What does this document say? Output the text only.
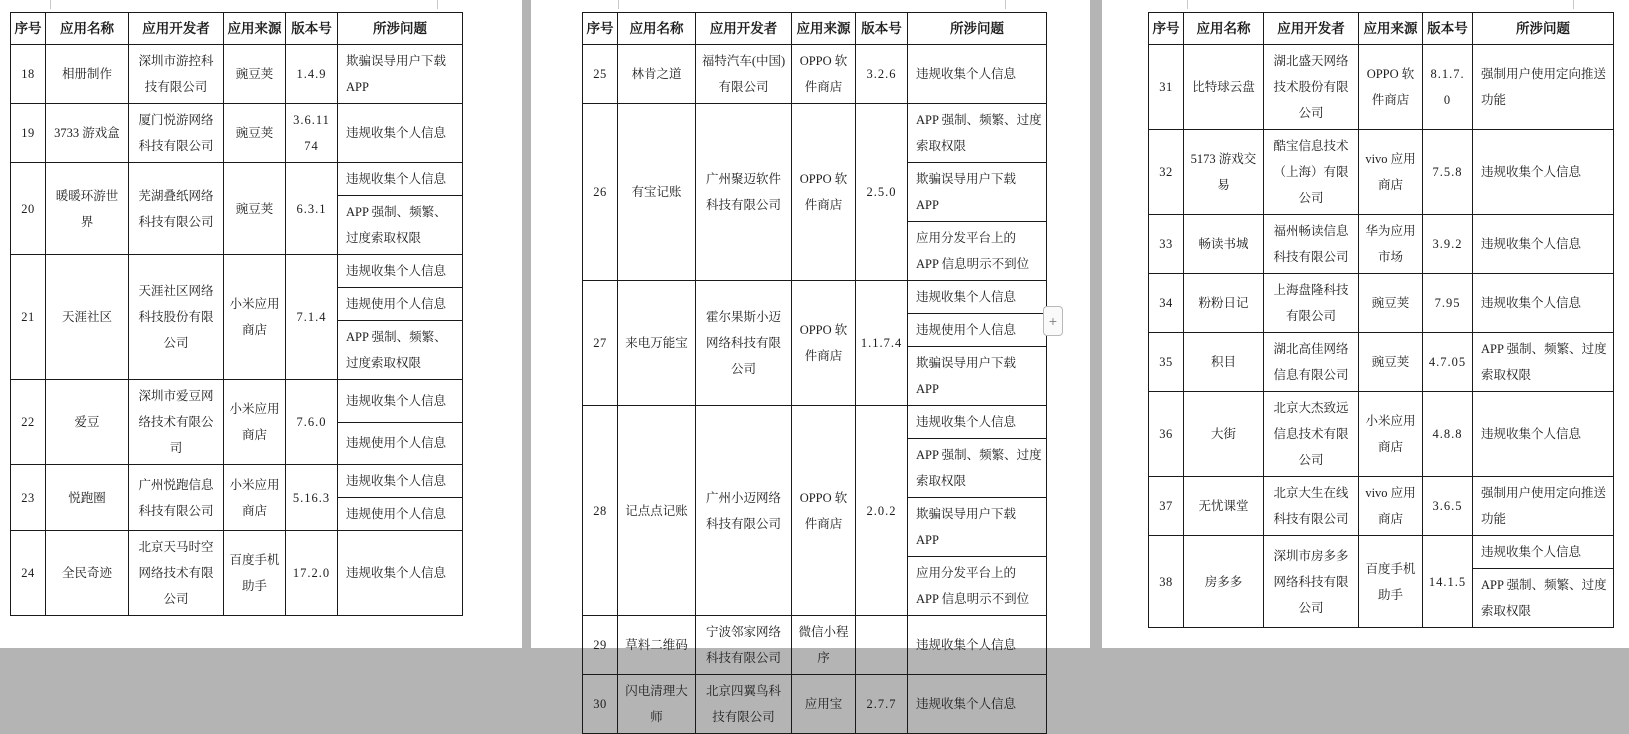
序号	应用名称	应用开发者	应用来源	版本号	所涉问题
18	相册制作	深圳市游控科技有限公司	豌豆荚	1.4.9	欺骗误导用户下载 APP
19	3733 游戏盒	厦门悦游网络科技有限公司	豌豆荚	3.6.1174	违规收集个人信息
20	暖暖环游世界	芜湖叠纸网络科技有限公司	豌豆荚	6.3.1	违规收集个人信息
					APP 强制、频繁、过度索取权限
21	天涯社区	天涯社区网络科技股份有限公司	小米应用商店	7.1.4	违规收集个人信息
					违规使用个人信息
					APP 强制、频繁、过度索取权限
22	爱豆	深圳市爱豆网络技术有限公司	小米应用商店	7.6.0	违规收集个人信息
					违规使用个人信息
23	悦跑圈	广州悦跑信息科技有限公司	小米应用商店	5.16.3	违规收集个人信息
					违规使用个人信息
24	全民奇迹	北京天马时空网络技术有限公司	百度手机助手	17.2.0	违规收集个人信息
序号	应用名称	应用开发者	应用来源	版本号	所涉问题
25	林肯之道	福特汽车(中国)有限公司	OPPO 软件商店	3.2.6	违规收集个人信息
26	有宝记账	广州聚迈软件科技有限公司	OPPO 软件商店	2.5.0	APP 强制、频繁、过度索取权限
					欺骗误导用户下载 APP
					应用分发平台上的 APP 信息明示不到位
27	来电万能宝	霍尔果斯小迈网络科技有限公司	OPPO 软件商店	1.1.7.4	违规收集个人信息
					违规使用个人信息
					欺骗误导用户下载 APP
28	记点点记账	广州小迈网络科技有限公司	OPPO 软件商店	2.0.2	违规收集个人信息
					APP 强制、频繁、过度索取权限
					欺骗误导用户下载 APP
					应用分发平台上的 APP 信息明示不到位
29	草料二维码	宁波邻家网络科技有限公司	微信小程序		违规收集个人信息
30	闪电清理大师	北京四翼鸟科技有限公司	应用宝	2.7.7	违规收集个人信息
序号	应用名称	应用开发者	应用来源	版本号	所涉问题
31	比特球云盘	湖北盛天网络技术股份有限公司	OPPO 软件商店	8.1.7.0	强制用户使用定向推送功能
32	5173 游戏交易	酷宝信息技术（上海）有限公司	vivo 应用商店	7.5.8	违规收集个人信息
33	畅读书城	福州畅读信息科技有限公司	华为应用市场	3.9.2	违规收集个人信息
34	粉粉日记	上海盘隆科技有限公司	豌豆荚	7.95	违规收集个人信息
35	积目	湖北高佳网络信息有限公司	豌豆荚	4.7.05	APP 强制、频繁、过度索取权限
36	大街	北京大杰致远信息技术有限公司	小米应用商店	4.8.8	违规收集个人信息
37	无忧课堂	北京大生在线科技有限公司	vivo 应用商店	3.6.5	强制用户使用定向推送功能
38	房多多	深圳市房多多网络科技有限公司	百度手机助手	14.1.5	违规收集个人信息
					APP 强制、频繁、过度索取权限
+
